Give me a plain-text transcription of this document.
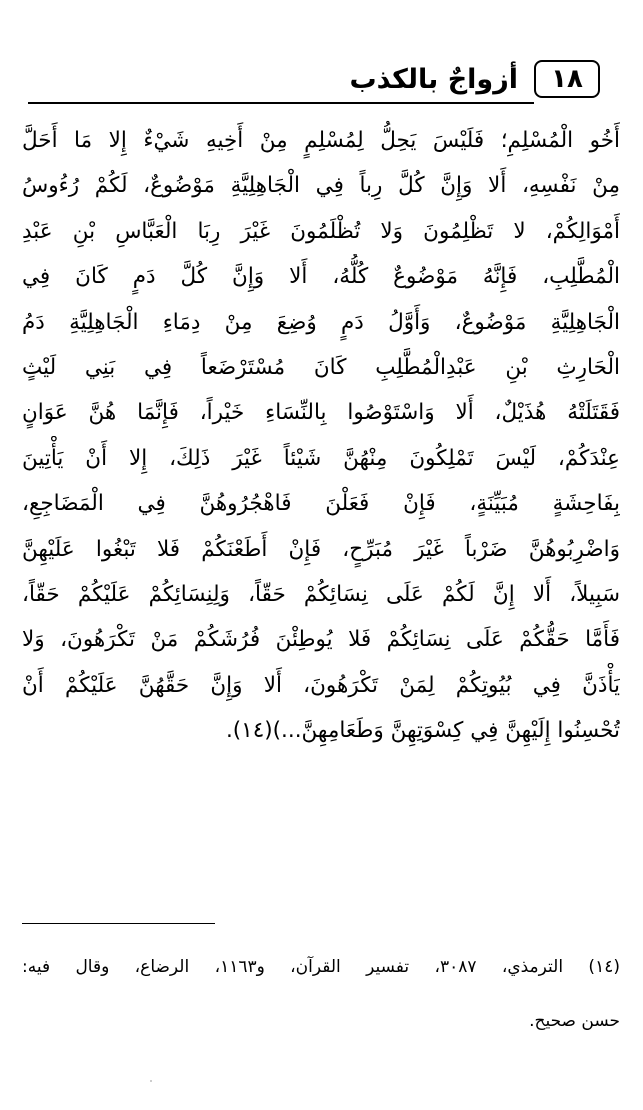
١٨
أزواجٌ بالكذب
أَخُو الْمُسْلِمِ؛ فَلَيْسَ يَحِلُّ لِمُسْلِمٍ مِنْ أَخِيهِ شَيْءٌ إِلا مَا أَحَلَّ
مِنْ نَفْسِهِ، أَلا وَإِنَّ كُلَّ رِباً فِي الْجَاهِلِيَّةِ مَوْضُوعٌ، لَكُمْ رُءُوسُ
أَمْوَالِكُمْ، لا تَظْلِمُونَ وَلا تُظْلَمُونَ غَيْرَ رِبَا الْعَبَّاسِ بْنِ عَبْدِ
الْمُطَّلِبِ، فَإِنَّهُ مَوْضُوعٌ كُلُّهُ، أَلا وَإِنَّ كُلَّ دَمٍ كَانَ فِي
الْجَاهِلِيَّةِ مَوْضُوعٌ، وَأَوَّلُ دَمٍ وُضِعَ مِنْ دِمَاءِ الْجَاهِلِيَّةِ دَمُ
الْحَارِثِ بْنِ عَبْدِالْمُطَّلِبِ كَانَ مُسْتَرْضَعاً فِي بَنِي لَيْثٍ
فَقَتَلَتْهُ هُذَيْلٌ، أَلا وَاسْتَوْصُوا بِالنِّسَاءِ خَيْراً، فَإِنَّمَا هُنَّ عَوَانٍ
عِنْدَكُمْ، لَيْسَ تَمْلِكُونَ مِنْهُنَّ شَيْئاً غَيْرَ ذَلِكَ، إِلا أَنْ يَأْتِينَ
بِفَاحِشَةٍ مُبَيِّنَةٍ، فَإِنْ فَعَلْنَ فَاهْجُرُوهُنَّ فِي الْمَضَاجِعِ،
وَاضْرِبُوهُنَّ ضَرْباً غَيْرَ مُبَرِّحٍ، فَإِنْ أَطَعْنَكُمْ فَلا تَبْغُوا عَلَيْهِنَّ
سَبِيلاً، أَلا إِنَّ لَكُمْ عَلَى نِسَائِكُمْ حَقّاً، وَلِنِسَائِكُمْ عَلَيْكُمْ حَقّاً،
فَأَمَّا حَقُّكُمْ عَلَى نِسَائِكُمْ فَلا يُوطِئْنَ فُرُشَكُمْ مَنْ تَكْرَهُونَ، وَلا
يَأْذَنَّ فِي بُيُوتِكُمْ لِمَنْ تَكْرَهُونَ، أَلا وَإِنَّ حَقَّهُنَّ عَلَيْكُمْ أَنْ
تُحْسِنُوا إِلَيْهِنَّ فِي كِسْوَتِهِنَّ وَطَعَامِهِنَّ...)(١٤).
(١٤) الترمذي، ٣٠٨٧، تفسير القرآن، و١١٦٣، الرضاع، وقال فيه:
حسن صحيح.
